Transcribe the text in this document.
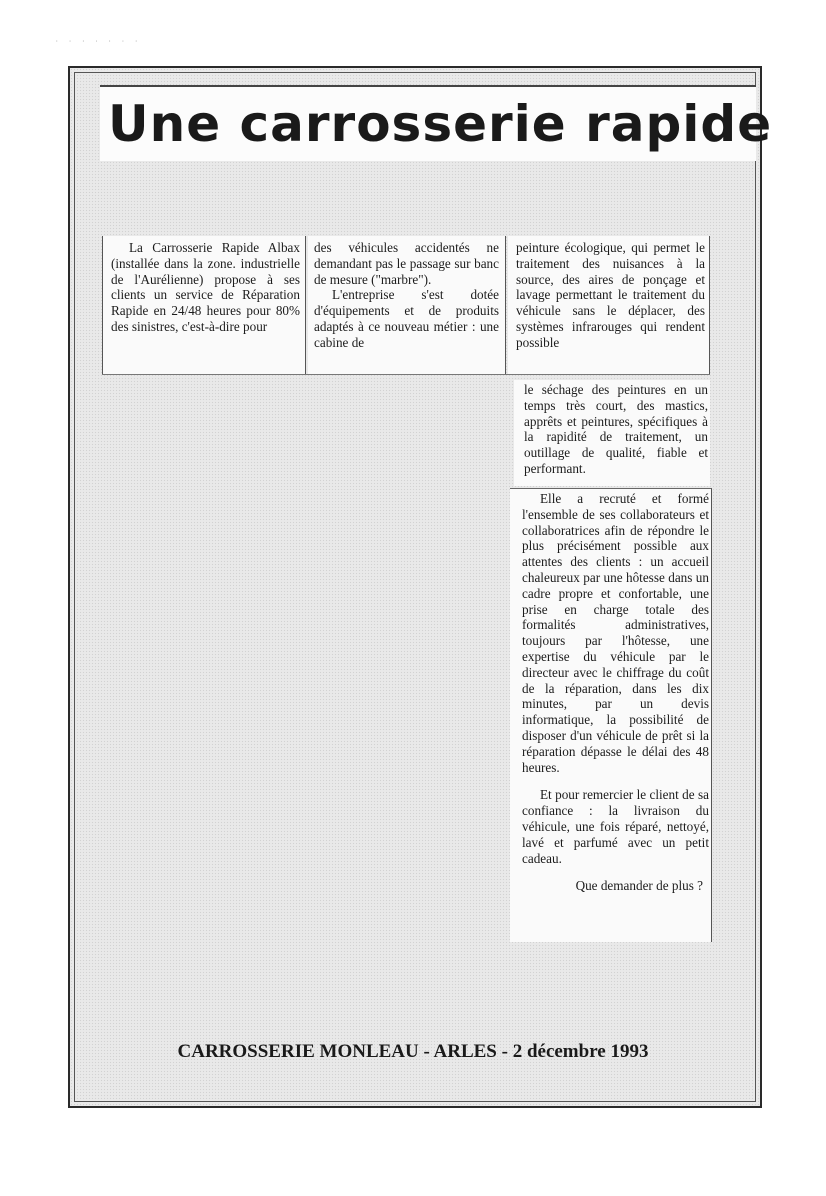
· · · · · · ·
Une carrosserie rapide

La Carrosserie Rapide Albax (installée dans la zone. industrielle de l'Aurélienne) propose à ses clients un service de Réparation Rapide en 24/48 heures pour 80% des sinistres, c'est-à-dire pour

des véhicules accidentés ne demandant pas le passage sur banc de mesure ("marbre").

L'entreprise s'est dotée d'équipements et de produits adaptés à ce nouveau métier : une cabine de

peinture écologique, qui permet le traitement des nuisances à la source, des aires de ponçage et lavage permettant le traitement du véhicule sans le déplacer, des systèmes infrarouges qui rendent possible

le séchage des peintures en un temps très court, des mastics, apprêts et peintures, spécifiques à la rapidité de traitement, un outillage de qualité, fiable et performant.

Elle a recruté et formé l'ensemble de ses collaborateurs et collaboratrices afin de répondre le plus précisément possible aux attentes des clients : un accueil chaleureux par une hôtesse dans un cadre propre et confortable, une prise en charge totale des formalités administratives, toujours par l'hôtesse, une expertise du véhicule par le directeur avec le chiffrage du coût de la réparation, dans les dix minutes, par un devis informatique, la possibilité de disposer d'un véhicule de prêt si la réparation dépasse le délai des 48 heures.

Et pour remercier le client de sa confiance : la livraison du véhicule, une fois réparé, nettoyé, lavé et parfumé avec un petit cadeau.

Que demander de plus ?

CARROSSERIE MONLEAU - ARLES - 2 décembre 1993
